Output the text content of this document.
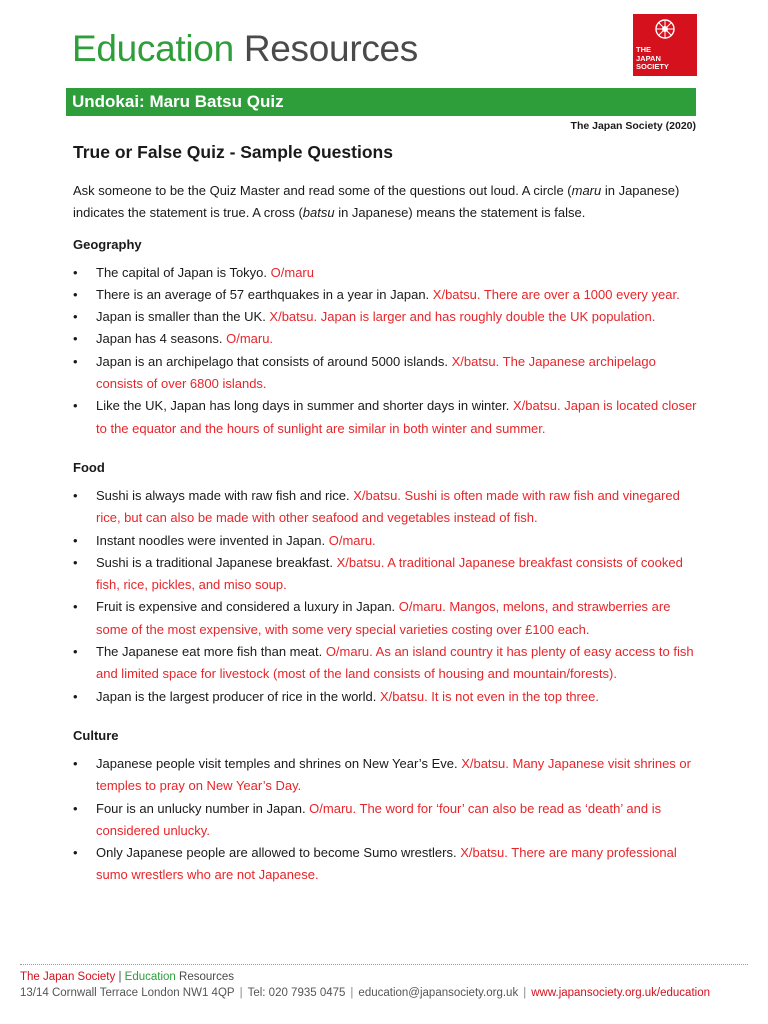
Education Resources	THE
JAPAN
SOCIETY
Undokai: Maru Batsu Quiz
The Japan Society (2020)
True or False Quiz - Sample Questions

Ask someone to be the Quiz Master and read some of the questions out loud. A circle (maru in Japanese) indicates the statement is true. A cross (batsu in Japanese) means the statement is false.

Geography
• The capital of Japan is Tokyo. O/maru
• There is an average of 57 earthquakes in a year in Japan. X/batsu. There are over a 1000 every year.
• Japan is smaller than the UK. X/batsu. Japan is larger and has roughly double the UK population.
• Japan has 4 seasons. O/maru.
• Japan is an archipelago that consists of around 5000 islands. X/batsu. The Japanese archipelago consists of over 6800 islands.
• Like the UK, Japan has long days in summer and shorter days in winter. X/batsu. Japan is located closer to the equator and the hours of sunlight are similar in both winter and summer.
Food
• Sushi is always made with raw fish and rice. X/batsu. Sushi is often made with raw fish and vinegared rice, but can also be made with other seafood and vegetables instead of fish.
• Instant noodles were invented in Japan. O/maru.
• Sushi is a traditional Japanese breakfast. X/batsu. A traditional Japanese breakfast consists of cooked fish, rice, pickles, and miso soup.
• Fruit is expensive and considered a luxury in Japan. O/maru. Mangos, melons, and strawberries are some of the most expensive, with some very special varieties costing over £100 each.
• The Japanese eat more fish than meat. O/maru. As an island country it has plenty of easy access to fish and limited space for livestock (most of the land consists of housing and mountain/forests).
• Japan is the largest producer of rice in the world. X/batsu. It is not even in the top three.
Culture
• Japanese people visit temples and shrines on New Year’s Eve. X/batsu. Many Japanese visit shrines or temples to pray on New Year’s Day.
• Four is an unlucky number in Japan. O/maru. The word for ‘four’ can also be read as ‘death’ and is considered unlucky.
• Only Japanese people are allowed to become Sumo wrestlers. X/batsu. There are many professional sumo wrestlers who are not Japanese.
The Japan Society | Education Resources
13/14 Cornwall Terrace London NW1 4QP | Tel: 020 7935 0475 | education@japansociety.org.uk | www.japansociety.org.uk/education
